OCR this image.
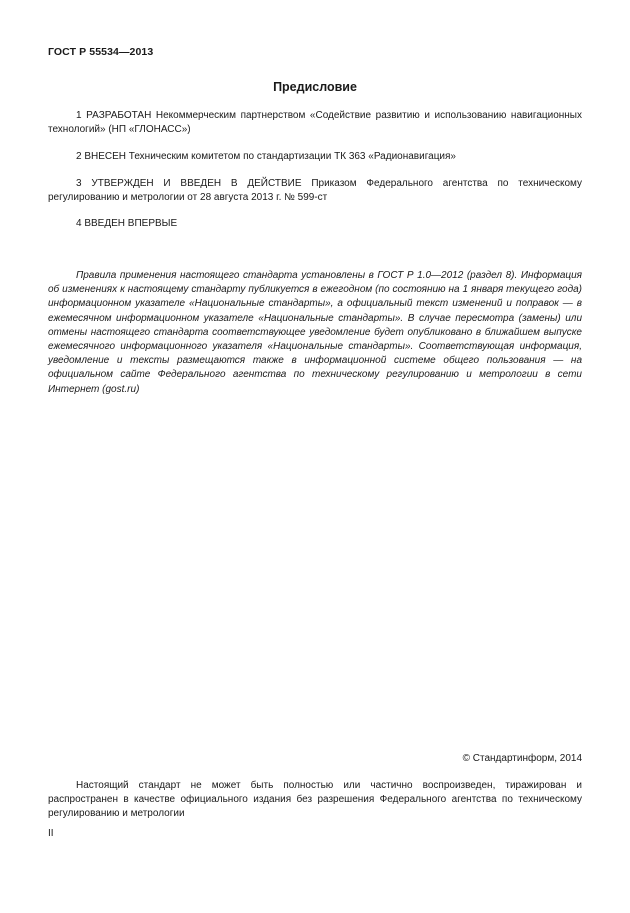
ГОСТ Р 55534—2013
Предисловие

1 РАЗРАБОТАН Некоммерческим партнерством «Содействие развитию и использованию навигационных технологий» (НП «ГЛОНАСС»)

2 ВНЕСЕН Техническим комитетом по стандартизации ТК 363 «Радионавигация»

3 УТВЕРЖДЕН И ВВЕДЕН В ДЕЙСТВИЕ Приказом Федерального агентства по техническому регулированию и метрологии от 28 августа 2013 г. № 599-ст

4 ВВЕДЕН ВПЕРВЫЕ

Правила применения настоящего стандарта установлены в ГОСТ Р 1.0—2012 (раздел 8). Информация об изменениях к настоящему стандарту публикуется в ежегодном (по состоянию на 1 января текущего года) информационном указателе «Национальные стандарты», а официальный текст изменений и поправок — в ежемесячном информационном указателе «Национальные стандарты». В случае пересмотра (замены) или отмены настоящего стандарта соответствующее уведомление будет опубликовано в ближайшем выпуске ежемесячного информационного указателя «Национальные стандарты». Соответствующая информация, уведомление и тексты размещаются также в информационной системе общего пользования — на официальном сайте Федерального агентства по техническому регулированию и метрологии в сети Интернет (gost.ru)
© Стандартинформ, 2014
Настоящий стандарт не может быть полностью или частично воспроизведен, тиражирован и распространен в качестве официального издания без разрешения Федерального агентства по техническому регулированию и метрологии
II
